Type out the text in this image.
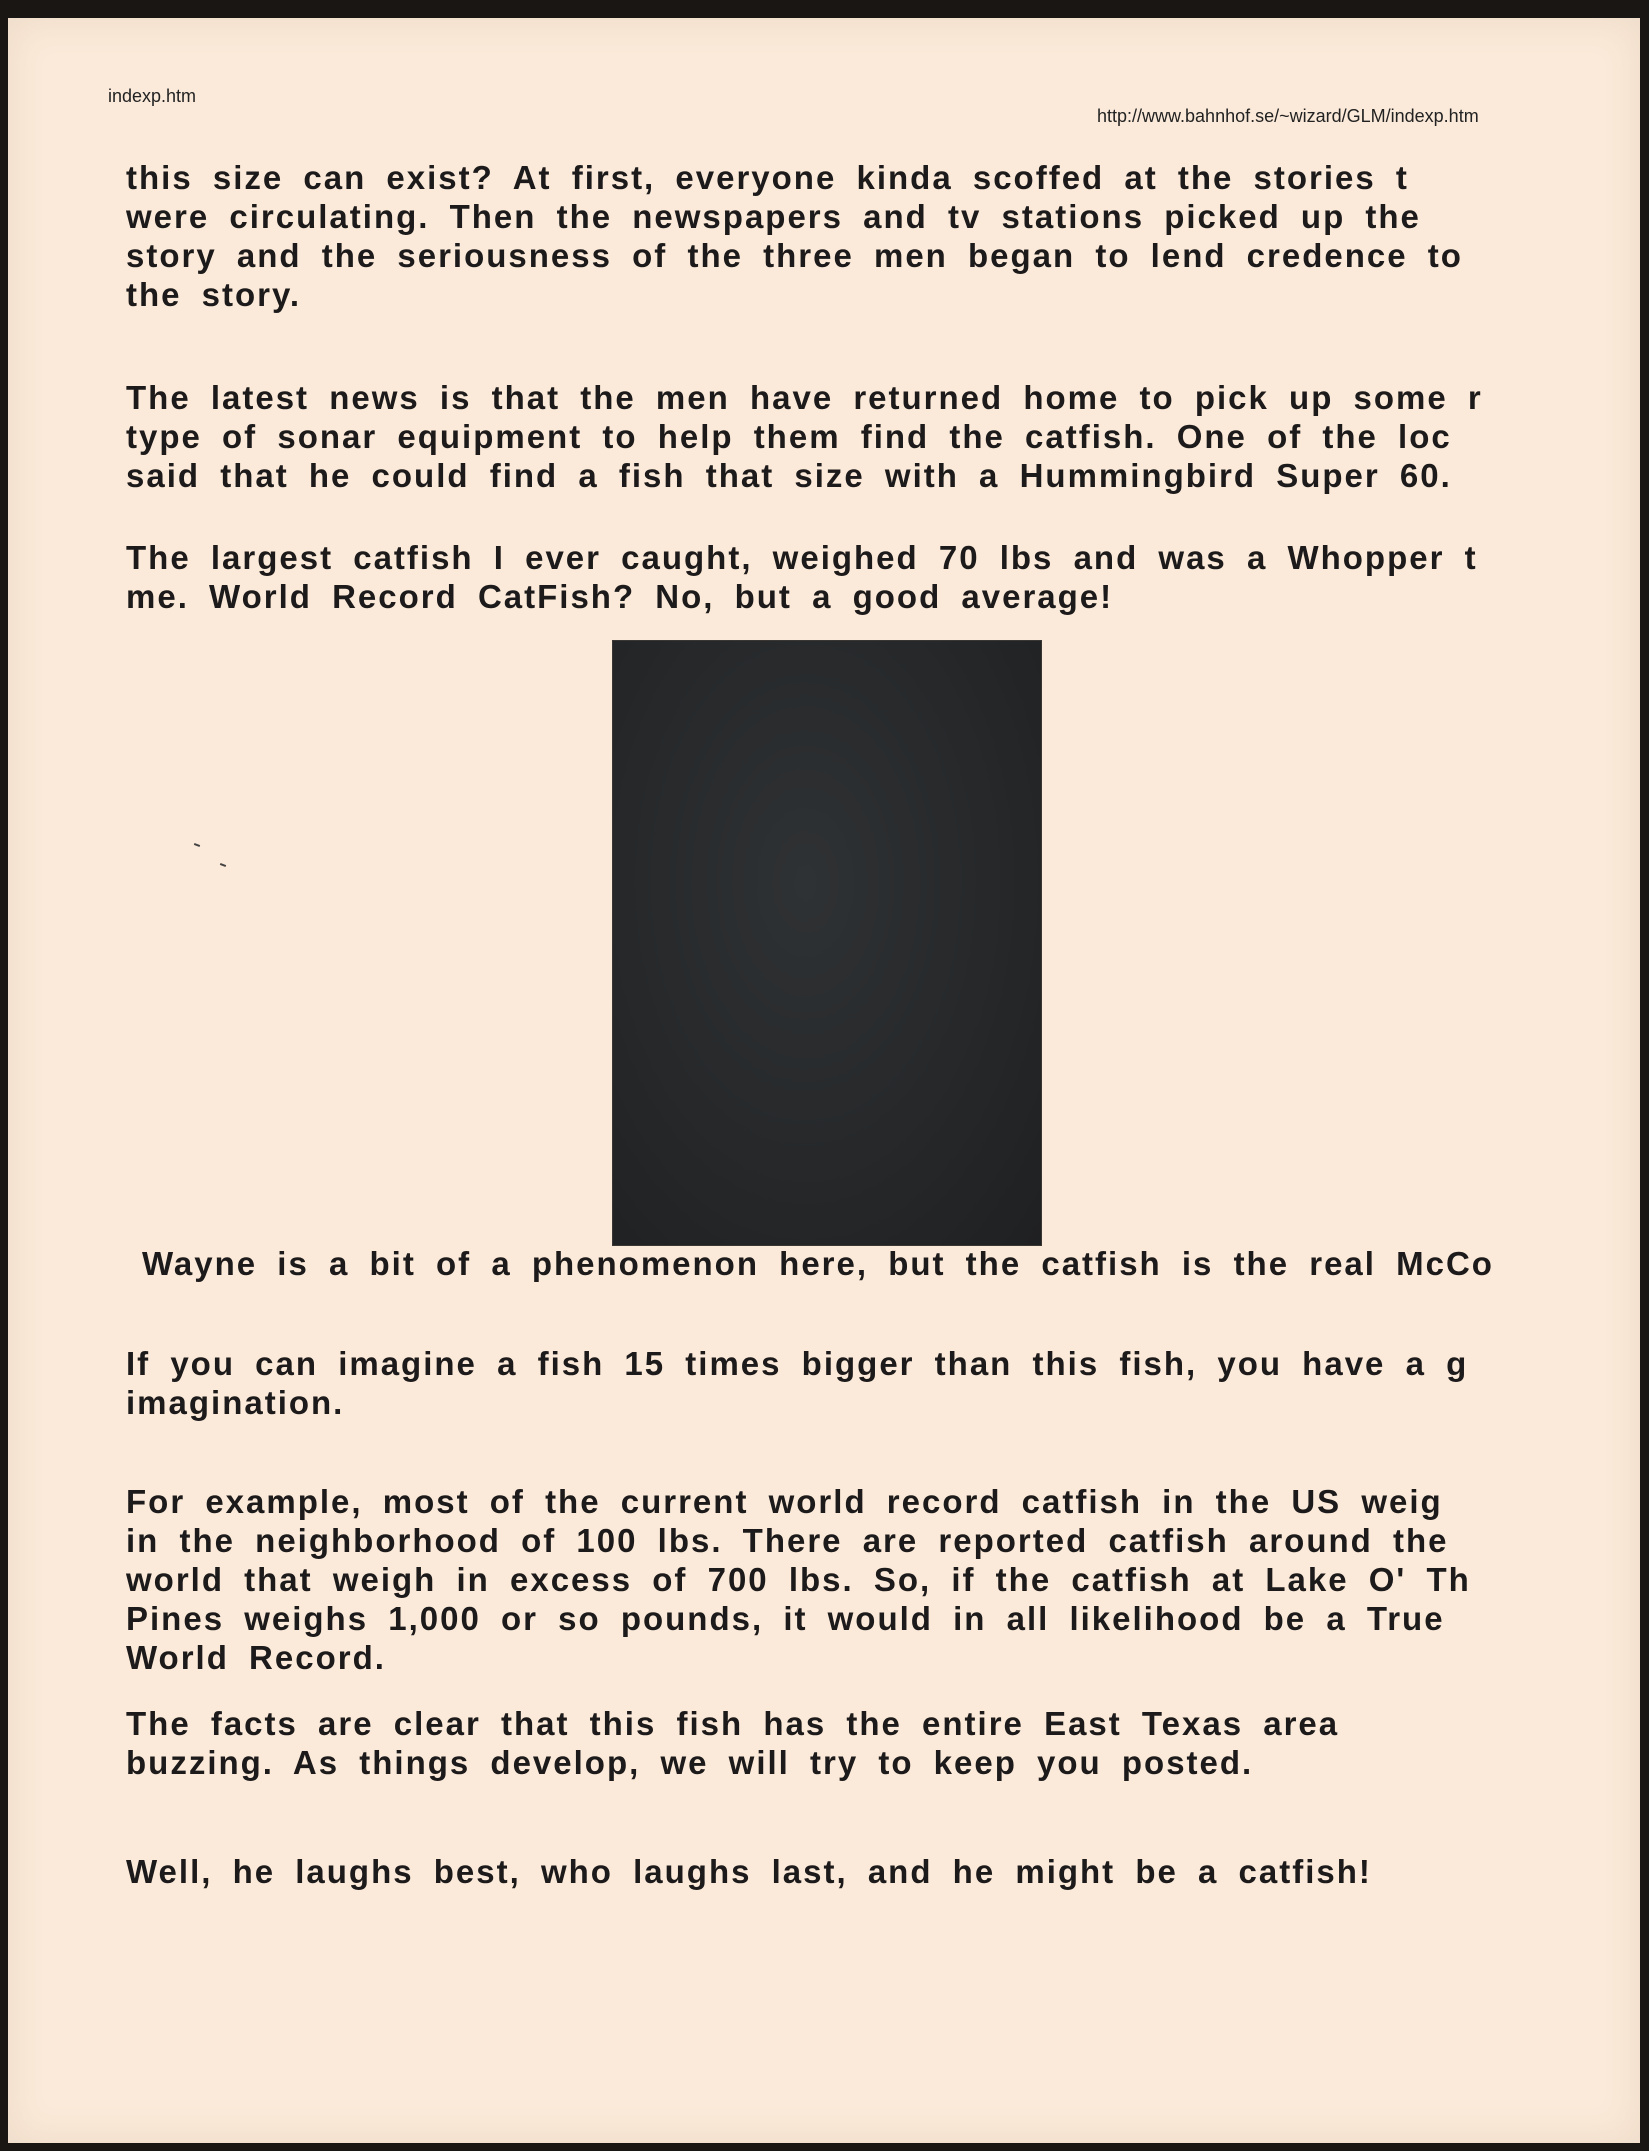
indexp.htm
http://www.bahnhof.se/~wizard/GLM/indexp.htm
this size can exist? At first, everyone kinda scoffed at the stories t
were circulating. Then the newspapers and tv stations picked up the
story and the seriousness of the three men began to lend credence to
the story.
The latest news is that the men have returned home to pick up some r
type of sonar equipment to help them find the catfish. One of the loc
said that he could find a fish that size with a Hummingbird Super 60.
The largest catfish I ever caught, weighed 70 lbs and was a Whopper t
me. World Record CatFish? No, but a good average!
Wayne is a bit of a phenomenon here, but the catfish is the real McCo
If you can imagine a fish 15 times bigger than this fish, you have a g
imagination.
For example, most of the current world record catfish in the US weig
in the neighborhood of 100 lbs. There are reported catfish around the
world that weigh in excess of 700 lbs. So, if the catfish at Lake O' Th
Pines weighs 1,000 or so pounds, it would in all likelihood be a True
World Record.
The facts are clear that this fish has the entire East Texas area
buzzing. As things develop, we will try to keep you posted.
Well, he laughs best, who laughs last, and he might be a catfish!
